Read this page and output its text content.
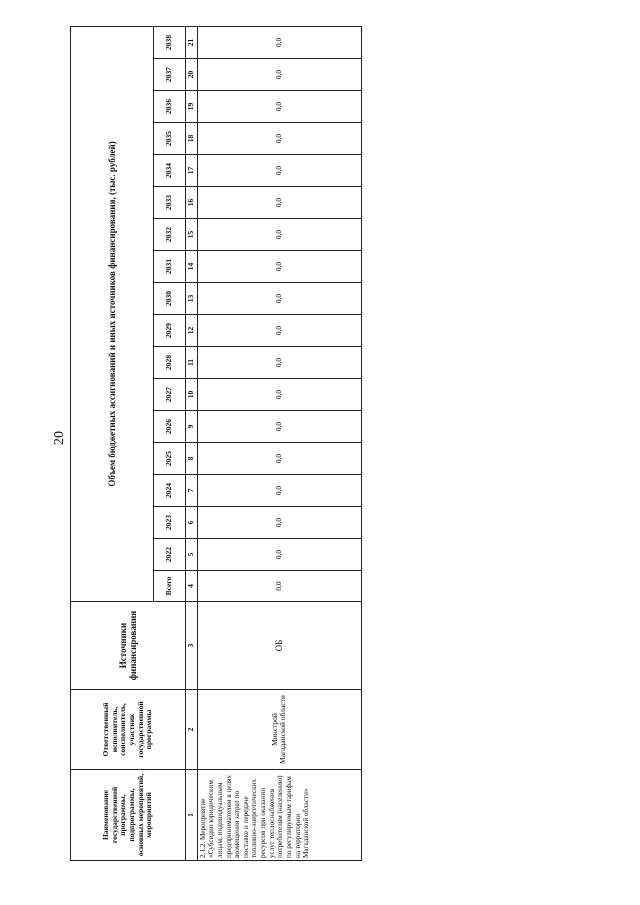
20
Наименование государственной программы, подпрограммы, основных мероприятий, мероприятий	Ответственный исполнитель, соисполнитель, участник государственной программы	Источники финансирования	Объем бюджетных ассигнований и иных источников финансирования, (тыс. рублей)																	
			Всего	2022	2023	2024	2025	2026	2027	2028	2029	2030	2031	2032	2033	2034	2035	2036	2037	2038
1	2	3	4	5	6	7	8	9	10	11	12	13	14	15	16	17	18	19	20	21
2.1.2. Мероприятие «Субсидии юридическим лицам, индивидуальным предпринимателям в целях возмещения затрат по поставке и передаче топливно-энергетических ресурсов при оказании услуг теплоснабжения потребителям (населению) по регулируемым тарифам на территории Магаданской области»	Минстрой Магаданской области	ОБ	0,0	0,0	0,0	0,0	0,0	0,0	0,0	0,0	0,0	0,0	0,0	0,0	0,0	0,0	0,0	0,0	0,0	0,0
